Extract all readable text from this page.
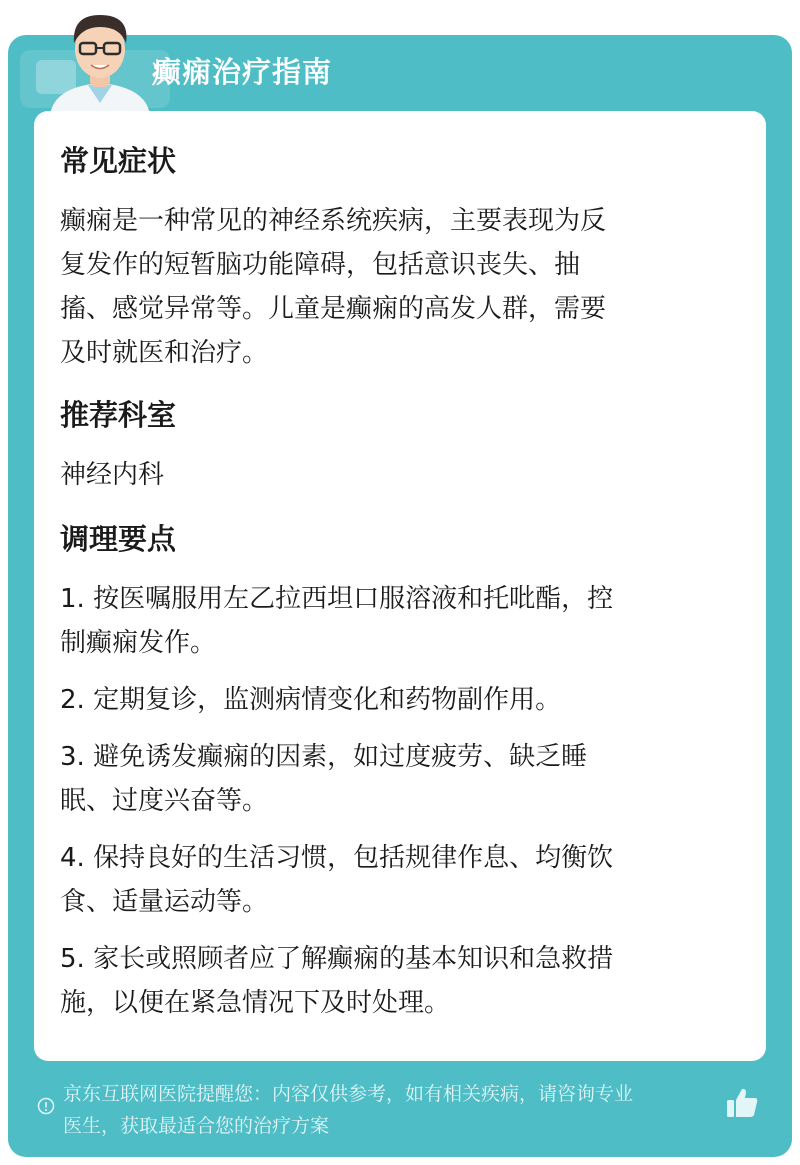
癫痫治疗指南
常见症状
癫痫是一种常见的神经系统疾病，主要表现为反
复发作的短暂脑功能障碍，包括意识丧失、抽
搐、感觉异常等。儿童是癫痫的高发人群，需要
及时就医和治疗。
推荐科室
神经内科
调理要点
1. 按医嘱服用左乙拉西坦口服溶液和托吡酯，控
制癫痫发作。
2. 定期复诊，监测病情变化和药物副作用。
3. 避免诱发癫痫的因素，如过度疲劳、缺乏睡
眠、过度兴奋等。
4. 保持良好的生活习惯，包括规律作息、均衡饮
食、适量运动等。
5. 家长或照顾者应了解癫痫的基本知识和急救措
施，以便在紧急情况下及时处理。
京东互联网医院提醒您：内容仅供参考，如有相关疾病，请咨询专业
医生，获取最适合您的治疗方案
